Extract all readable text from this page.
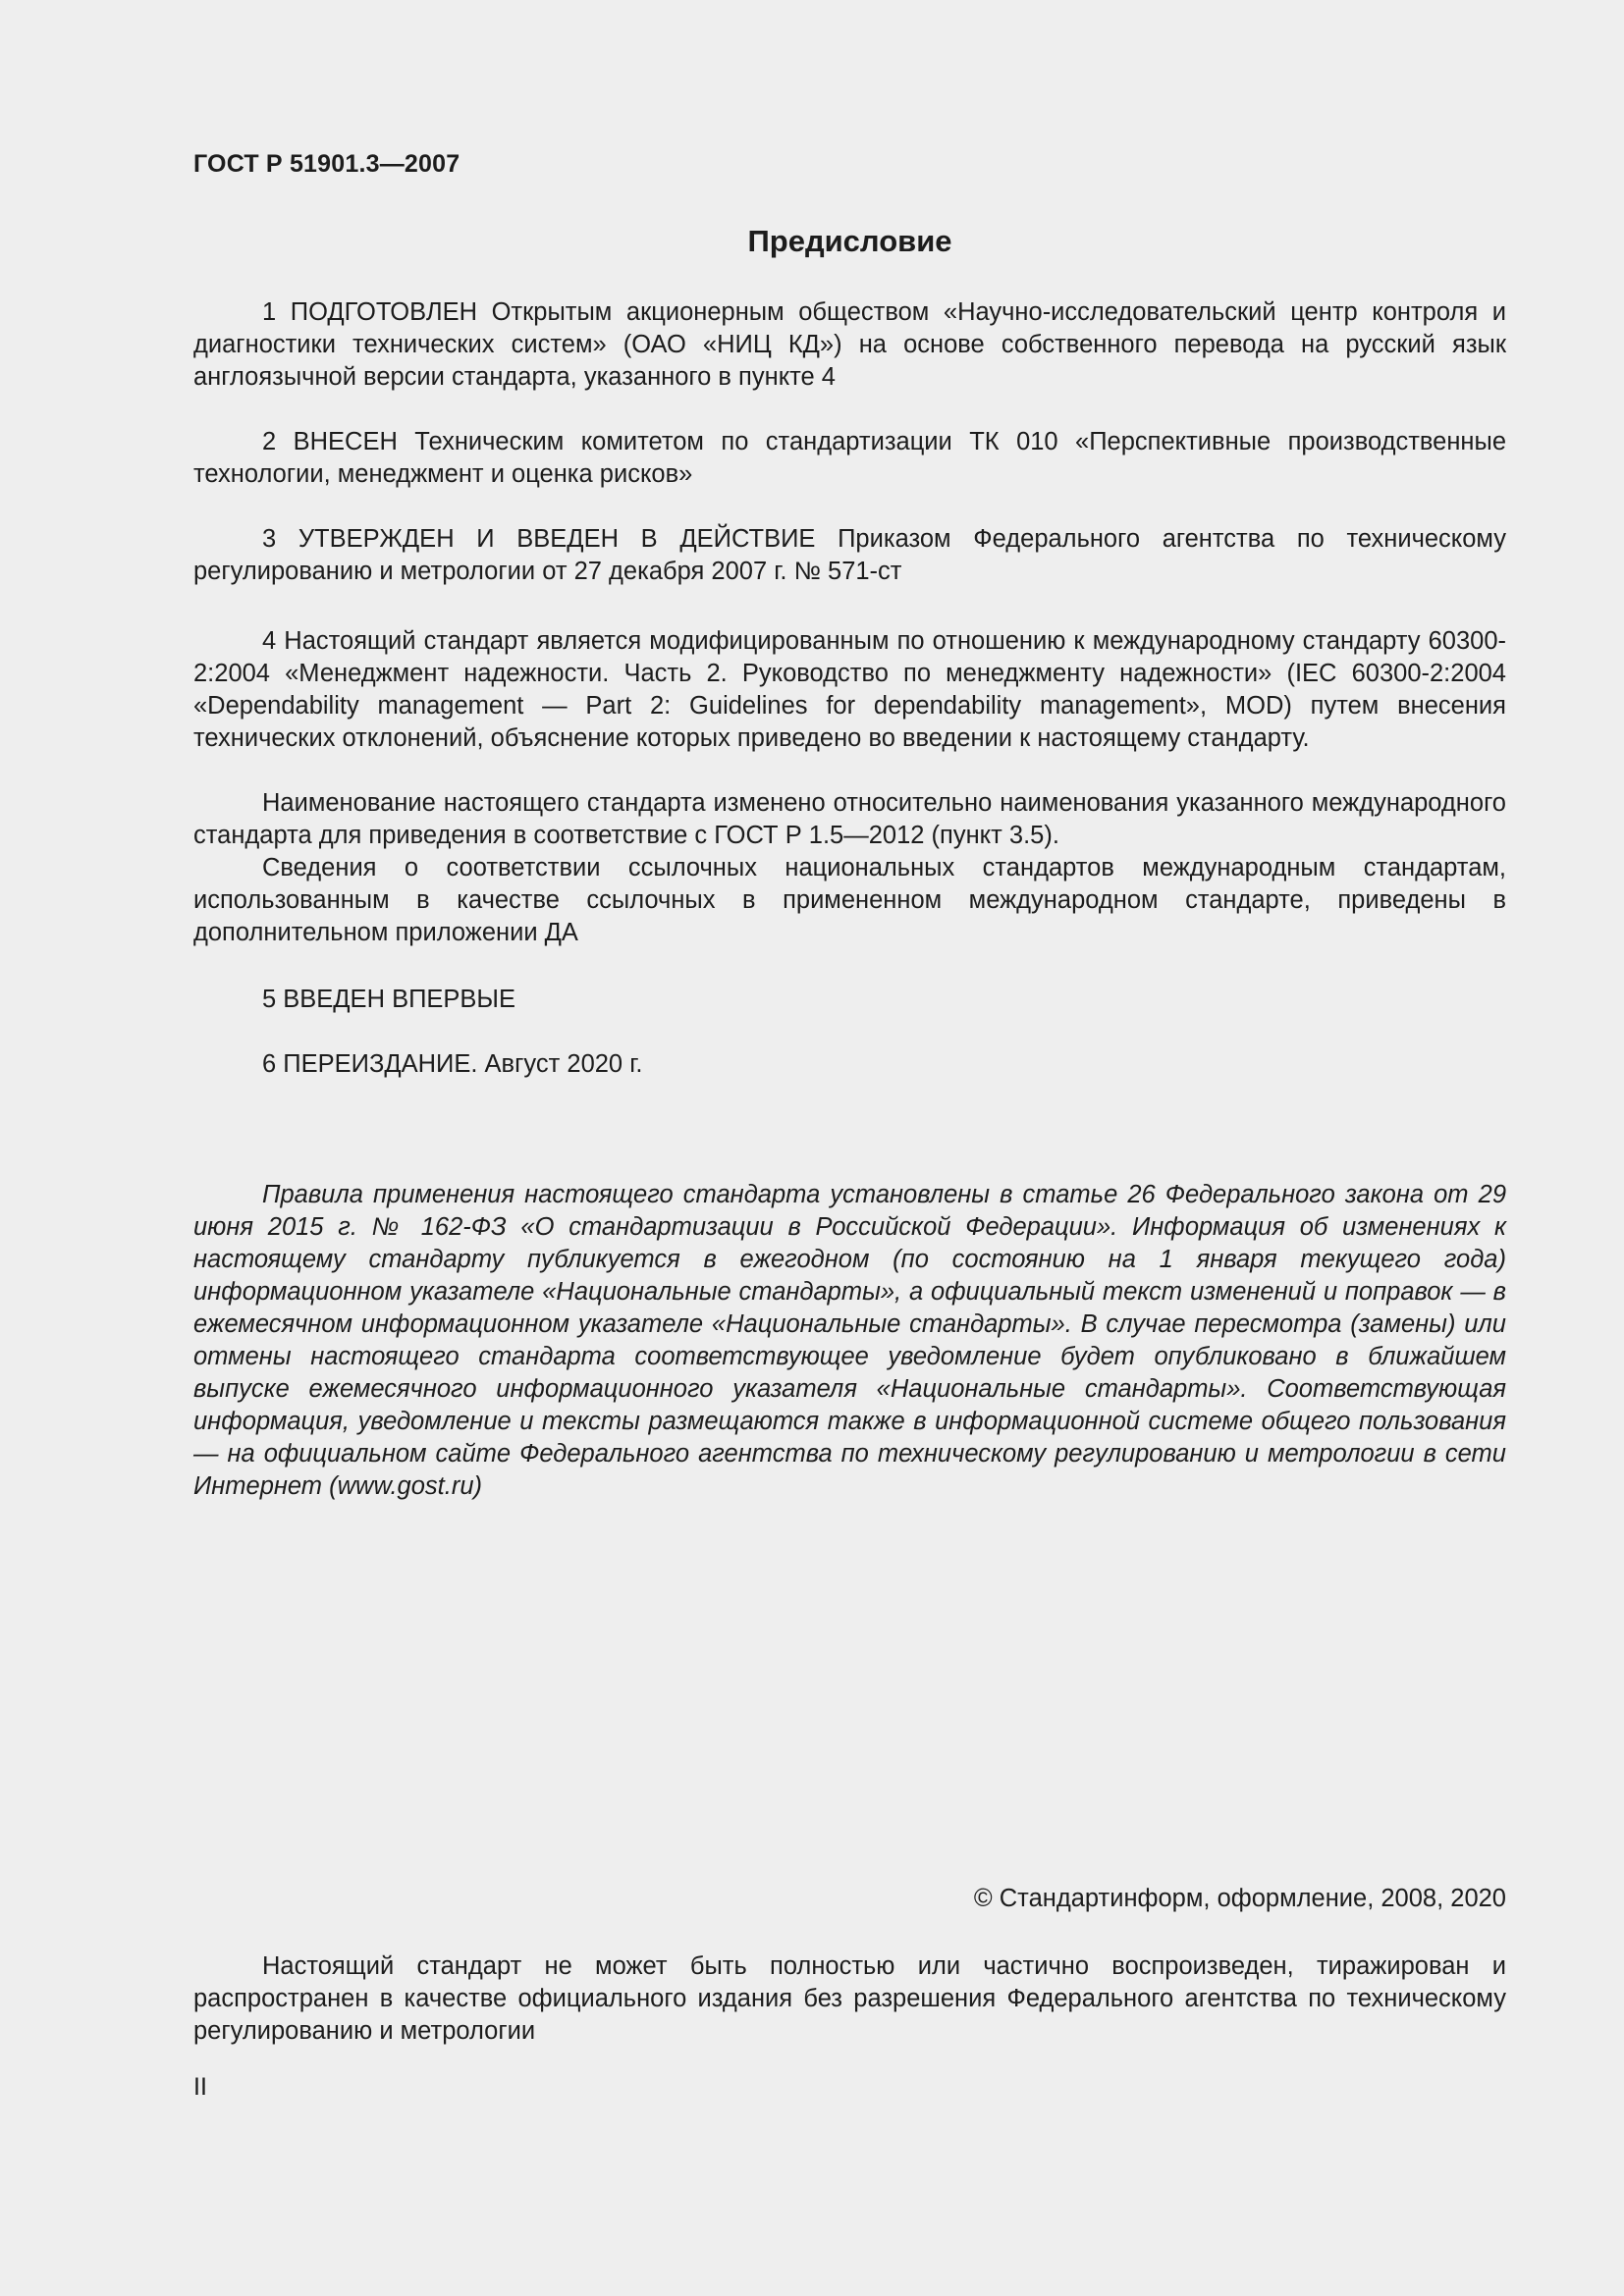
ГОСТ Р 51901.3—2007
Предисловие

1 ПОДГОТОВЛЕН Открытым акционерным обществом «Научно-исследовательский центр контроля и диагностики технических систем» (ОАО «НИЦ КД») на основе собственного перевода на русский язык англоязычной версии стандарта, указанного в пункте 4

2 ВНЕСЕН Техническим комитетом по стандартизации ТК 010 «Перспективные производственные технологии, менеджмент и оценка рисков»

3 УТВЕРЖДЕН И ВВЕДЕН В ДЕЙСТВИЕ Приказом Федерального агентства по техническому регулированию и метрологии от 27 декабря 2007 г. № 571-ст

4 Настоящий стандарт является модифицированным по отношению к международному стандарту 60300-2:2004 «Менеджмент надежности. Часть 2. Руководство по менеджменту надежности» (IEC 60300-2:2004 «Dependability management — Part 2: Guidelines for dependability management», MOD) путем внесения технических отклонений, объяснение которых приведено во введении к настоящему стандарту.

Наименование настоящего стандарта изменено относительно наименования указанного международного стандарта для приведения в соответствие с ГОСТ Р 1.5—2012 (пункт 3.5).

Сведения о соответствии ссылочных национальных стандартов международным стандартам, использованным в качестве ссылочных в примененном международном стандарте, приведены в дополнительном приложении ДА

5 ВВЕДЕН ВПЕРВЫЕ

6 ПЕРЕИЗДАНИЕ. Август 2020 г.

Правила применения настоящего стандарта установлены в статье 26 Федерального закона от 29 июня 2015 г. № 162-ФЗ «О стандартизации в Российской Федерации». Информация об изменениях к настоящему стандарту публикуется в ежегодном (по состоянию на 1 января текущего года) информационном указателе «Национальные стандарты», а официальный текст изменений и поправок — в ежемесячном информационном указателе «Национальные стандарты». В случае пересмотра (замены) или отмены настоящего стандарта соответствующее уведомление будет опубликовано в ближайшем выпуске ежемесячного информационного указателя «Национальные стандарты». Соответствующая информация, уведомление и тексты размещаются также в информационной системе общего пользования — на официальном сайте Федерального агентства по техническому регулированию и метрологии в сети Интернет (www.gost.ru)

© Стандартинформ, оформление, 2008, 2020

Настоящий стандарт не может быть полностью или частично воспроизведен, тиражирован и распространен в качестве официального издания без разрешения Федерального агентства по техническому регулированию и метрологии

II
